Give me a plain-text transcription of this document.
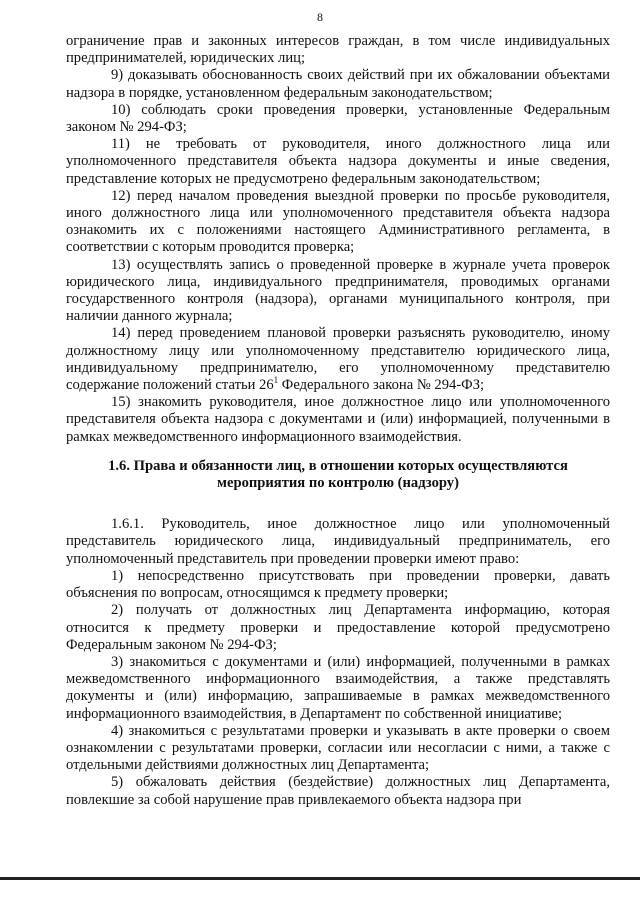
8

ограничение прав и законных интересов граждан, в том числе индивидуальных предпринимателей, юридических лиц;

9) доказывать обоснованность своих действий при их обжаловании объектами надзора в порядке, установленном федеральным законодательством;

10) соблюдать сроки проведения проверки, установленные Федеральным законом № 294-ФЗ;

11) не требовать от руководителя, иного должностного лица или уполномоченного представителя объекта надзора документы и иные сведения, представление которых не предусмотрено федеральным законодательством;

12) перед началом проведения выездной проверки по просьбе руководителя, иного должностного лица или уполномоченного представителя объекта надзора ознакомить их с положениями настоящего Административного регламента, в соответствии с которым проводится проверка;

13) осуществлять запись о проведенной проверке в журнале учета проверок юридического лица, индивидуального предпринимателя, проводимых органами государственного контроля (надзора), органами муниципального контроля, при наличии данного журнала;

14) перед проведением плановой проверки разъяснять руководителю, иному должностному лицу или уполномоченному представителю юридического лица, индивидуальному предпринимателю, его уполномоченному представителю содержание положений статьи $26^1$ Федерального закона № 294-ФЗ;

15) знакомить руководителя, иное должностное лицо или уполномоченного представителя объекта надзора с документами и (или) информацией, полученными в рамках межведомственного информационного взаимодействия.

1.6. Права и обязанности лиц, в отношении которых осуществляются мероприятия по контролю (надзору)

1.6.1. Руководитель, иное должностное лицо или уполномоченный представитель юридического лица, индивидуальный предприниматель, его уполномоченный представитель при проведении проверки имеют право:

1) непосредственно присутствовать при проведении проверки, давать объяснения по вопросам, относящимся к предмету проверки;

2) получать от должностных лиц Департамента информацию, которая относится к предмету проверки и предоставление которой предусмотрено Федеральным законом № 294-ФЗ;

3) знакомиться с документами и (или) информацией, полученными в рамках межведомственного информационного взаимодействия, а также представлять документы и (или) информацию, запрашиваемые в рамках межведомственного информационного взаимодействия, в Департамент по собственной инициативе;

4) знакомиться с результатами проверки и указывать в акте проверки о своем ознакомлении с результатами проверки, согласии или несогласии с ними, а также с отдельными действиями должностных лиц Департамента;

5) обжаловать действия (бездействие) должностных лиц Департамента, повлекшие за собой нарушение прав привлекаемого объекта надзора при
